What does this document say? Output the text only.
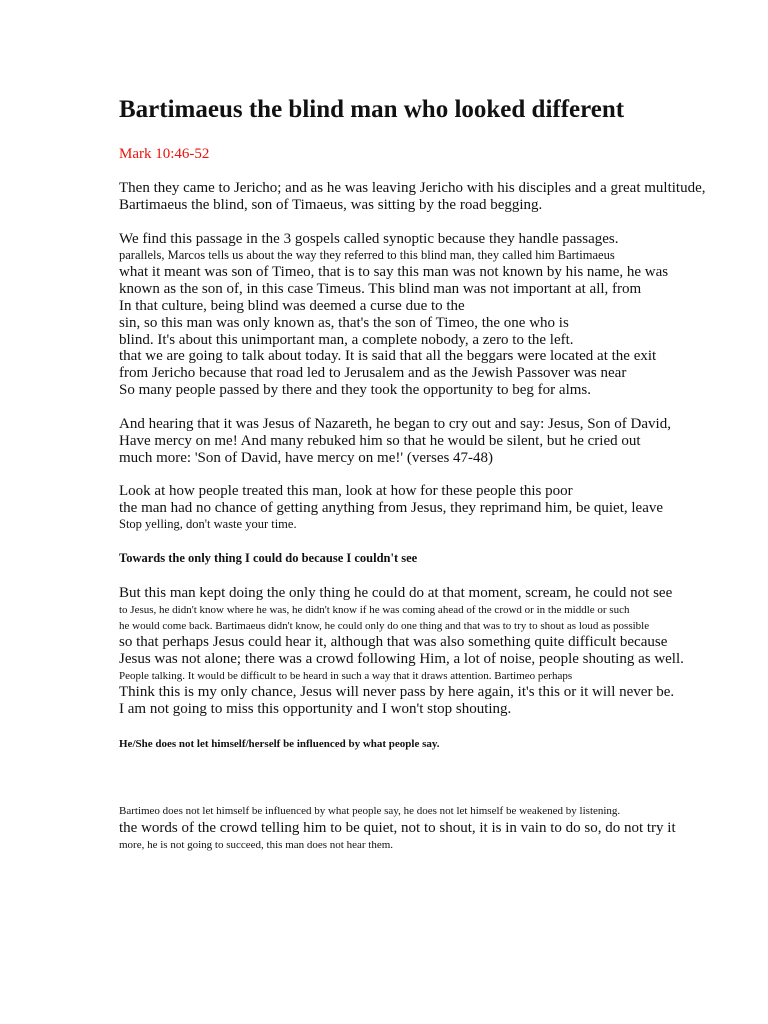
Bartimaeus the blind man who looked different
Mark 10:46-52
Then they came to Jericho; and as he was leaving Jericho with his disciples and a great multitude,
Bartimaeus the blind, son of Timaeus, was sitting by the road begging.
We find this passage in the 3 gospels called synoptic because they handle passages.
parallels, Marcos tells us about the way they referred to this blind man, they called him Bartimaeus
what it meant was son of Timeo, that is to say this man was not known by his name, he was
known as the son of, in this case Timeus. This blind man was not important at all, from
In that culture, being blind was deemed a curse due to the
sin, so this man was only known as, that's the son of Timeo, the one who is
blind. It's about this unimportant man, a complete nobody, a zero to the left.
that we are going to talk about today. It is said that all the beggars were located at the exit
from Jericho because that road led to Jerusalem and as the Jewish Passover was near
So many people passed by there and they took the opportunity to beg for alms.
And hearing that it was Jesus of Nazareth, he began to cry out and say: Jesus, Son of David,
Have mercy on me! And many rebuked him so that he would be silent, but he cried out
much more: 'Son of David, have mercy on me!' (verses 47-48)
Look at how people treated this man, look at how for these people this poor
the man had no chance of getting anything from Jesus, they reprimand him, be quiet, leave
Stop yelling, don't waste your time.
Towards the only thing I could do because I couldn't see
But this man kept doing the only thing he could do at that moment, scream, he could not see
to Jesus, he didn't know where he was, he didn't know if he was coming ahead of the crowd or in the middle or such
he would come back. Bartimaeus didn't know, he could only do one thing and that was to try to shout as loud as possible
so that perhaps Jesus could hear it, although that was also something quite difficult because
Jesus was not alone; there was a crowd following Him, a lot of noise, people shouting as well.
People talking. It would be difficult to be heard in such a way that it draws attention. Bartimeo perhaps
Think this is my only chance, Jesus will never pass by here again, it's this or it will never be.
I am not going to miss this opportunity and I won't stop shouting.
He/She does not let himself/herself be influenced by what people say.
Bartimeo does not let himself be influenced by what people say, he does not let himself be weakened by listening.
the words of the crowd telling him to be quiet, not to shout, it is in vain to do so, do not try it
more, he is not going to succeed, this man does not hear them.
